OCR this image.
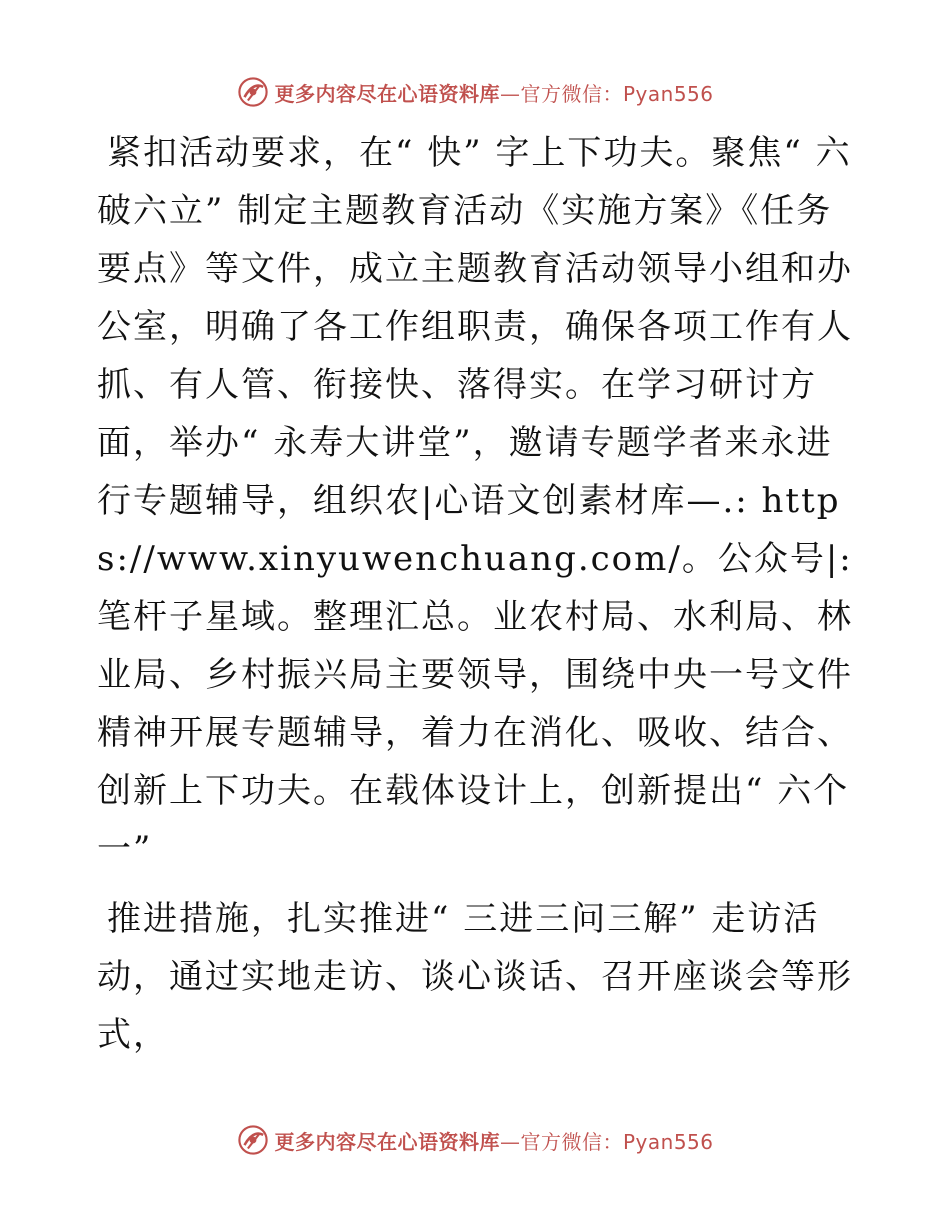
更多内容尽在心语资料库—官方微信：Pyan556

紧扣活动要求，在“ 快” 字上下功夫。聚焦“ 六破六立” 制定主题教育活动《实施方案》《任务要点》等文件，成立主题教育活动领导小组和办公室，明确了各工作组职责，确保各项工作有人抓、有人管、衔接快、落得实。在学习研讨方面，举办“ 永寿大讲堂”，邀请专题学者来永进行专题辅导，组织农|心语文创素材库—.: https://www.xinyuwenchuang.com/。公众号|: 笔杆子星域。整理汇总。业农村局、水利局、林业局、乡村振兴局主要领导，围绕中央一号文件精神开展专题辅导，着力在消化、吸收、结合、创新上下功夫。在载体设计上，创新提出“ 六个一”

推进措施，扎实推进“ 三进三问三解” 走访活动，通过实地走访、谈心谈话、召开座谈会等形式，

更多内容尽在心语资料库—官方微信：Pyan556
